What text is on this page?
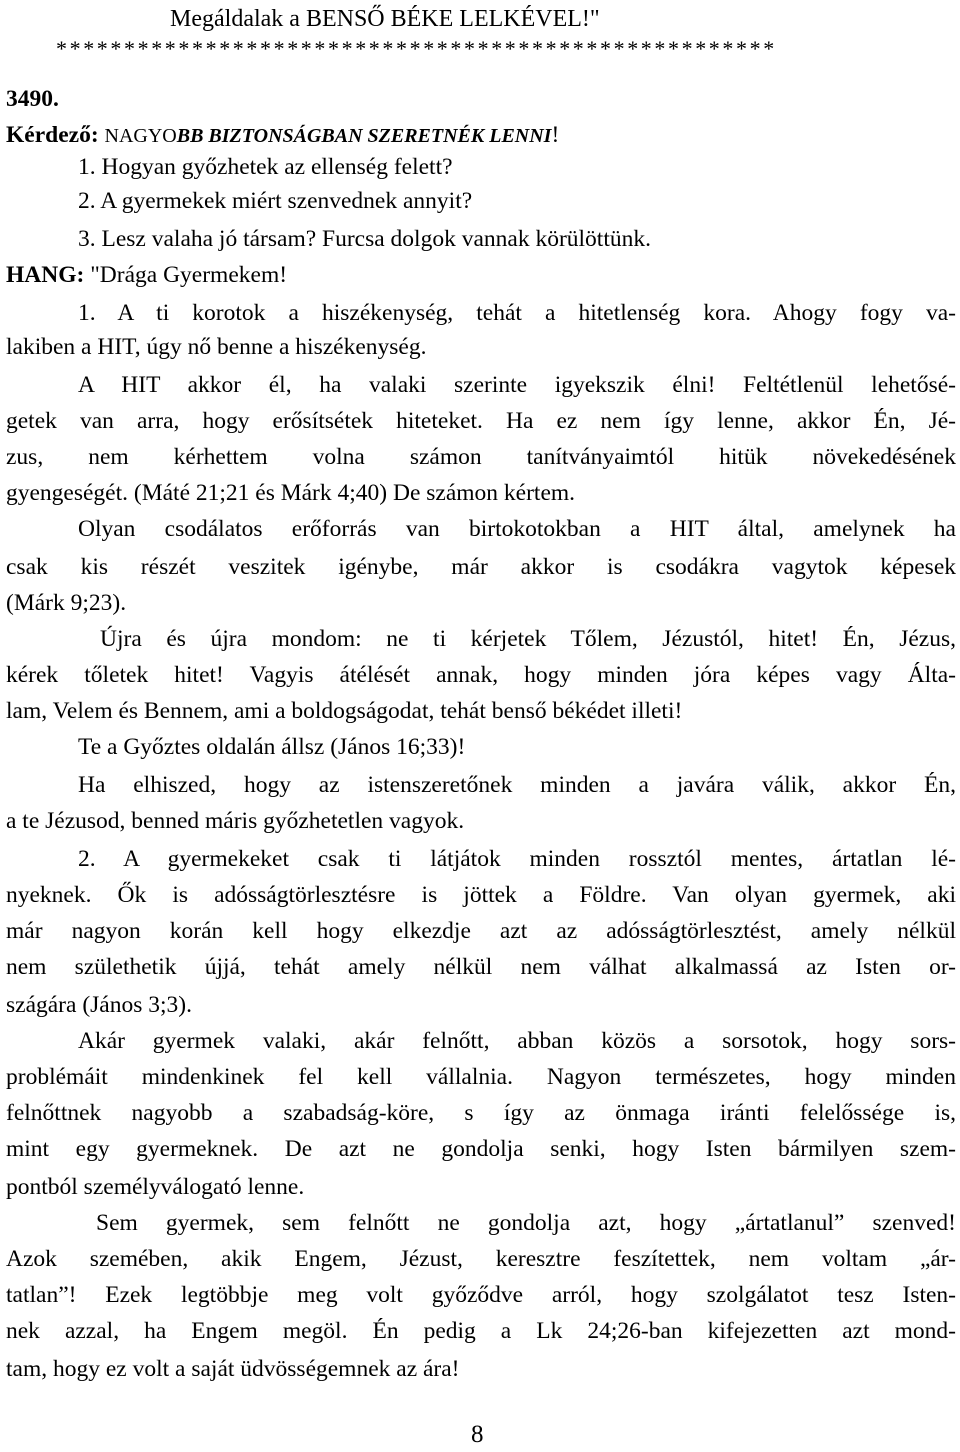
Megáldalak a BENSŐ BÉKE LELKÉVEL!"
*****************************************************
3490.
Kérdező: NAGYOBB BIZTONSÁGBAN SZERETNÉK LENNI!
1. Hogyan győzhetek az ellenség felett?
2. A gyermekek miért szenvednek annyit?
3. Lesz valaha jó társam? Furcsa dolgok vannak körülöttünk.
HANG: "Drága Gyermekem!
1. A ti korotok a hiszékenység, tehát a hitetlenség kora. Ahogy fogy va-
lakiben a HIT, úgy nő benne a hiszékenység.
A HIT akkor él, ha valaki szerinte igyekszik élni! Feltétlenül lehetősé-
getek van arra, hogy erősítsétek hiteteket. Ha ez nem így lenne, akkor Én, Jé-
zus, nem kérhettem volna számon tanítványaimtól hitük növekedésének
gyengeségét. (Máté 21;21 és Márk 4;40) De számon kértem.
Olyan csodálatos erőforrás van birtokotokban a HIT által, amelynek ha
csak kis részét veszitek igénybe, már akkor is csodákra vagytok képesek
(Márk 9;23).
Újra és újra mondom: ne ti kérjetek Tőlem, Jézustól, hitet! Én, Jézus,
kérek tőletek hitet! Vagyis átélését annak, hogy minden jóra képes vagy Álta-
lam, Velem és Bennem, ami a boldogságodat, tehát benső békédet illeti!
Te a Győztes oldalán állsz (János 16;33)!
Ha elhiszed, hogy az istenszeretőnek minden a javára válik, akkor Én,
a te Jézusod, benned máris győzhetetlen vagyok.
2. A gyermekeket csak ti látjátok minden rossztól mentes, ártatlan lé-
nyeknek. Ők is adósságtörlesztésre is jöttek a Földre. Van olyan gyermek, aki
már nagyon korán kell hogy elkezdje azt az adósságtörlesztést, amely nélkül
nem születhetik újjá, tehát amely nélkül nem válhat alkalmassá az Isten or-
szágára (János 3;3).
Akár gyermek valaki, akár felnőtt, abban közös a sorsotok, hogy sors-
problémáit mindenkinek fel kell vállalnia. Nagyon természetes, hogy minden
felnőttnek nagyobb a szabadság-köre, s így az önmaga iránti felelőssége is,
mint egy gyermeknek. De azt ne gondolja senki, hogy Isten bármilyen szem-
pontból személyválogató lenne.
Sem gyermek, sem felnőtt ne gondolja azt, hogy „ártatlanul” szenved!
Azok szemében, akik Engem, Jézust, keresztre feszítettek, nem voltam „ár-
tatlan”! Ezek legtöbbje meg volt győződve arról, hogy szolgálatot tesz Isten-
nek azzal, ha Engem megöl. Én pedig a Lk 24;26-ban kifejezetten azt mond-
tam, hogy ez volt a saját üdvösségemnek az ára!
8
